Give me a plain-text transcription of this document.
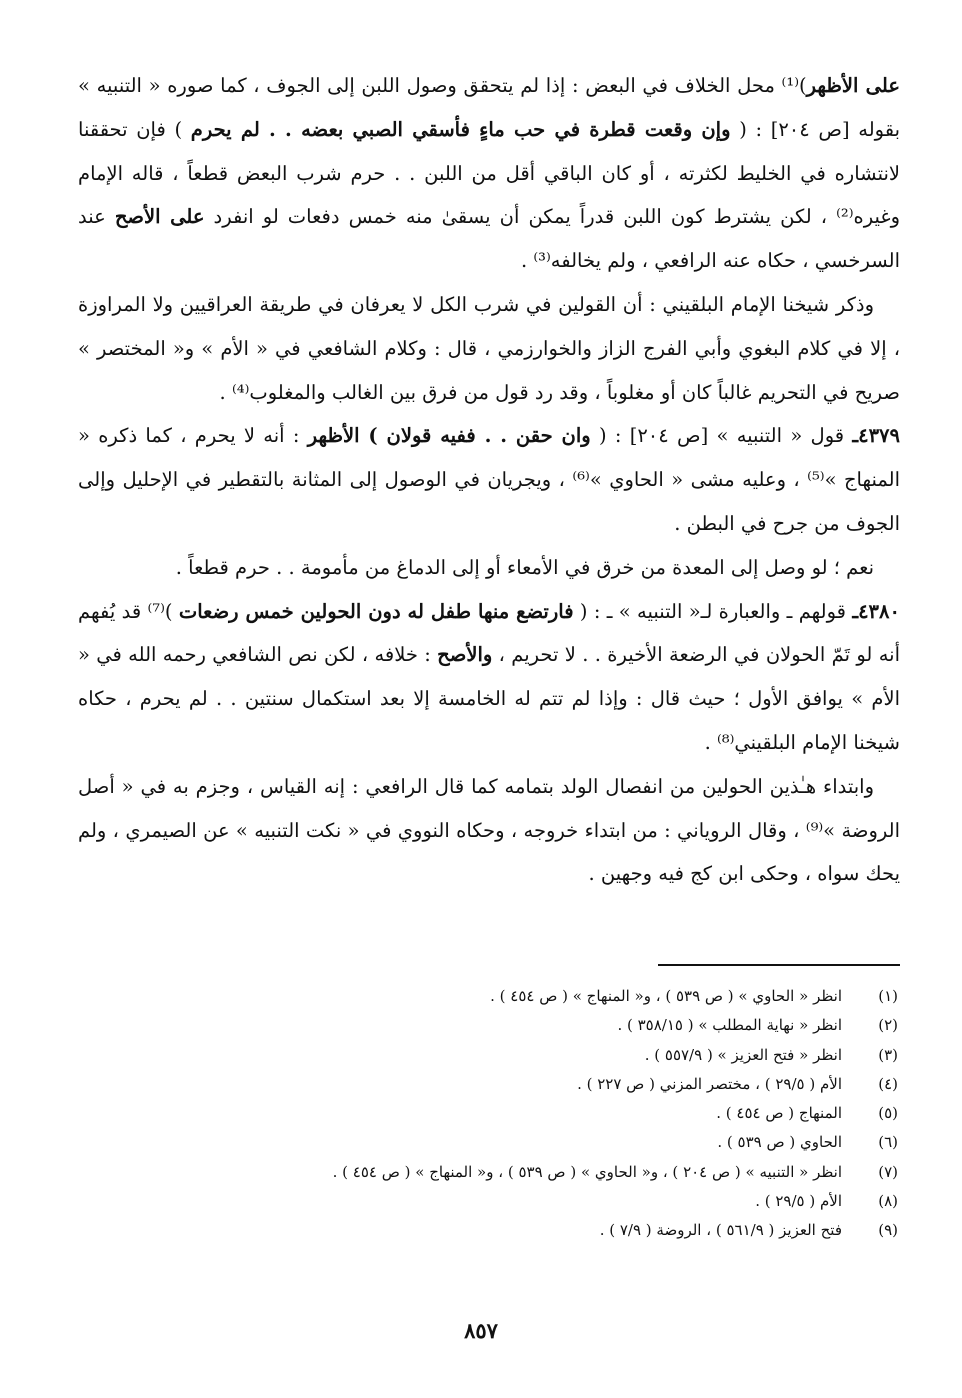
على الأظهر)⁽¹⁾ محل الخلاف في البعض : إذا لم يتحقق وصول اللبن إلى الجوف ، كما صوره « التنبيه » بقوله [ص ٢٠٤] : ( وإن وقعت قطرة في حب ماءٍ فأسقي الصبي بعضه . . لم يحرم ) فإن تحققنا لانتشاره في الخليط لكثرته ، أو كان الباقي أقل من اللبن . . حرم شرب البعض قطعاً ، قاله الإمام وغيره⁽²⁾ ، لكن يشترط كون اللبن قدراً يمكن أن يسقىٰ منه خمس دفعات لو انفرد على الأصح عند السرخسي ، حكاه عنه الرافعي ، ولم يخالفه⁽³⁾ .

وذكر شيخنا الإمام البلقيني : أن القولين في شرب الكل لا يعرفان في طريقة العراقيين ولا المراوزة ، إلا في كلام البغوي وأبي الفرج الزاز والخوارزمي ، قال : وكلام الشافعي في « الأم » و« المختصر » صريح في التحريم غالباً كان أو مغلوباً ، وقد رد قول من فرق بين الغالب والمغلوب⁽⁴⁾ .

٤٣٧٩ـ قول « التنبيه » [ص ٢٠٤] : ( وان حقن . . ففيه قولان ) الأظهر : أنه لا يحرم ، كما ذكره « المنهاج »⁽⁵⁾ ، وعليه مشى « الحاوي »⁽⁶⁾ ، ويجريان في الوصول إلى المثانة بالتقطير في الإحليل وإلى الجوف من جرح في البطن .

نعم ؛ لو وصل إلى المعدة من خرق في الأمعاء أو إلى الدماغ من مأمومة . . حرم قطعاً .

٤٣٨٠ـ قولهم ـ والعبارة لـ« التنبيه » ـ : ( فارتضع منها طفل له دون الحولين خمس رضعات )⁽⁷⁾ قد يُفهم أنه لو تَمّ الحولان في الرضعة الأخيرة . . لا تحريم ، والأصح : خلافه ، لكن نص الشافعي رحمه الله في « الأم » يوافق الأول ؛ حيث قال : وإذا لم تتم له الخامسة إلا بعد استكمال سنتين . . لم يحرم ، حكاه شيخنا الإمام البلقيني⁽⁸⁾ .

وابتداء هـٰذين الحولين من انفصال الولد بتمامه كما قال الرافعي : إنه القياس ، وجزم به في « أصل الروضة »⁽⁹⁾ ، وقال الروياني : من ابتداء خروجه ، وحكاه النووي في « نكت التنبيه » عن الصيمري ، ولم يحك سواه ، وحكى ابن كج فيه وجهين .

(١)
انظر « الحاوي » ( ص ٥٣٩ ) ، و« المنهاج » ( ص ٤٥٤ ) .
(٢)
انظر « نهاية المطلب » ( ٣٥٨/١٥ ) .
(٣)
انظر « فتح العزيز » ( ٥٥٧/٩ ) .
(٤)
الأم ( ٢٩/٥ ) ، مختصر المزني ( ص ٢٢٧ ) .
(٥)
المنهاج ( ص ٤٥٤ ) .
(٦)
الحاوي ( ص ٥٣٩ ) .
(٧)
انظر « التنبيه » ( ص ٢٠٤ ) ، و« الحاوي » ( ص ٥٣٩ ) ، و« المنهاج » ( ص ٤٥٤ ) .
(٨)
الأم ( ٢٩/٥ ) .
(٩)
فتح العزيز ( ٥٦١/٩ ) ، الروضة ( ٧/٩ ) .
٨٥٧
